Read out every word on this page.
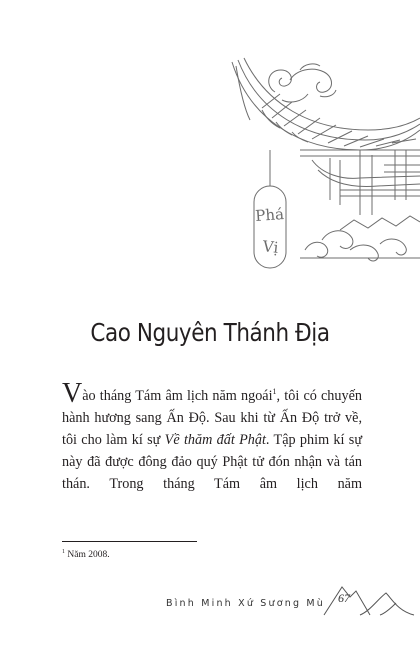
Phá
Vị
Cao Nguyên Thánh Địa

Vào tháng Tám âm lịch năm ngoái$^1$, tôi có chuyến hành hương sang Ấn Độ. Sau khi từ Ấn Độ trở về, tôi cho làm kí sự Về thăm đất Phật. Tập phim kí sự này đã được đông đảo quý Phật tử đón nhận và tán thán. Trong tháng Tám âm lịch năm

$^1$ Năm 2008.
Bình Minh Xứ Sương Mù 67
